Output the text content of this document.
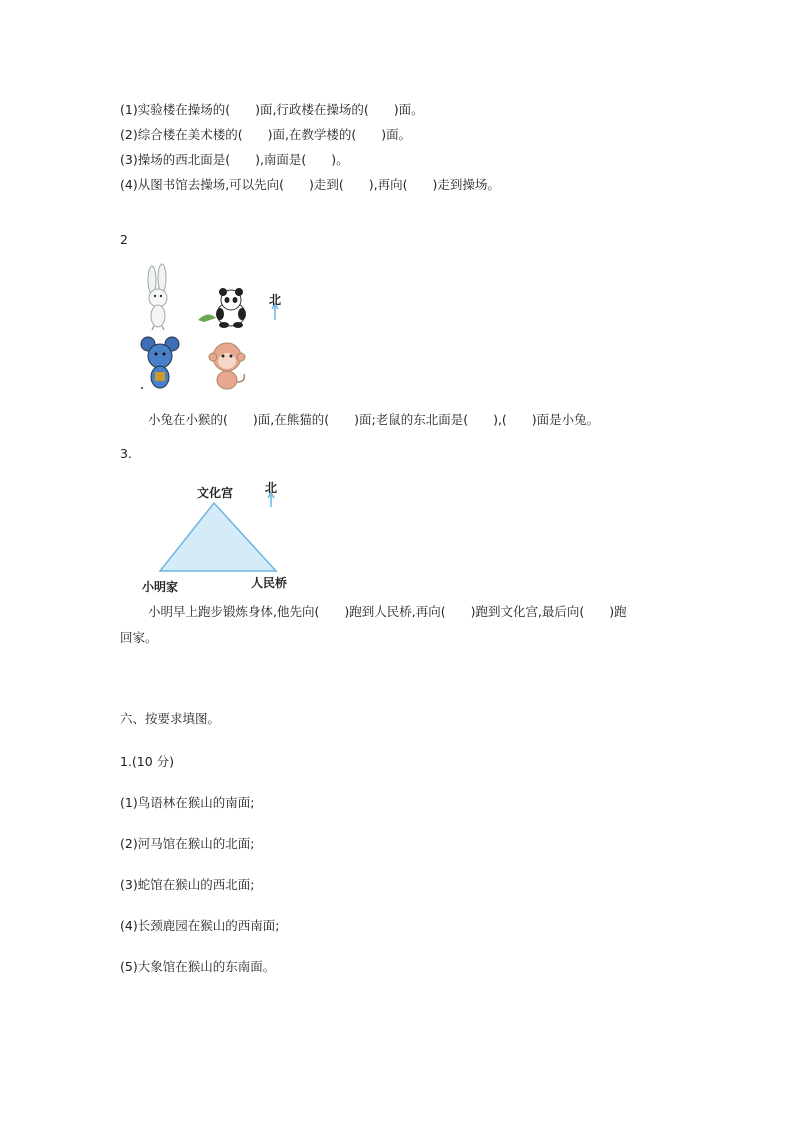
(1)实验楼在操场的(　　)面,行政楼在操场的(　　)面。
(2)综合楼在美术楼的(　　)面,在教学楼的(　　)面。
(3)操场的西北面是(　　),南面是(　　)。
(4)从图书馆去操场,可以先向(　　)走到(　　),再向(　　)走到操场。
2
北
小兔在小猴的(　　)面,在熊猫的(　　)面;老鼠的东北面是(　　),(　　)面是小兔。
3.
文化宫	北
小明家	人民桥
小明早上跑步锻炼身体,他先向(　　)跑到人民桥,再向(　　)跑到文化宫,最后向(　　)跑
回家。
六、按要求填图。
1.(10 分)
(1)鸟语林在猴山的南面;
(2)河马馆在猴山的北面;
(3)蛇馆在猴山的西北面;
(4)长颈鹿园在猴山的西南面;
(5)大象馆在猴山的东南面。
